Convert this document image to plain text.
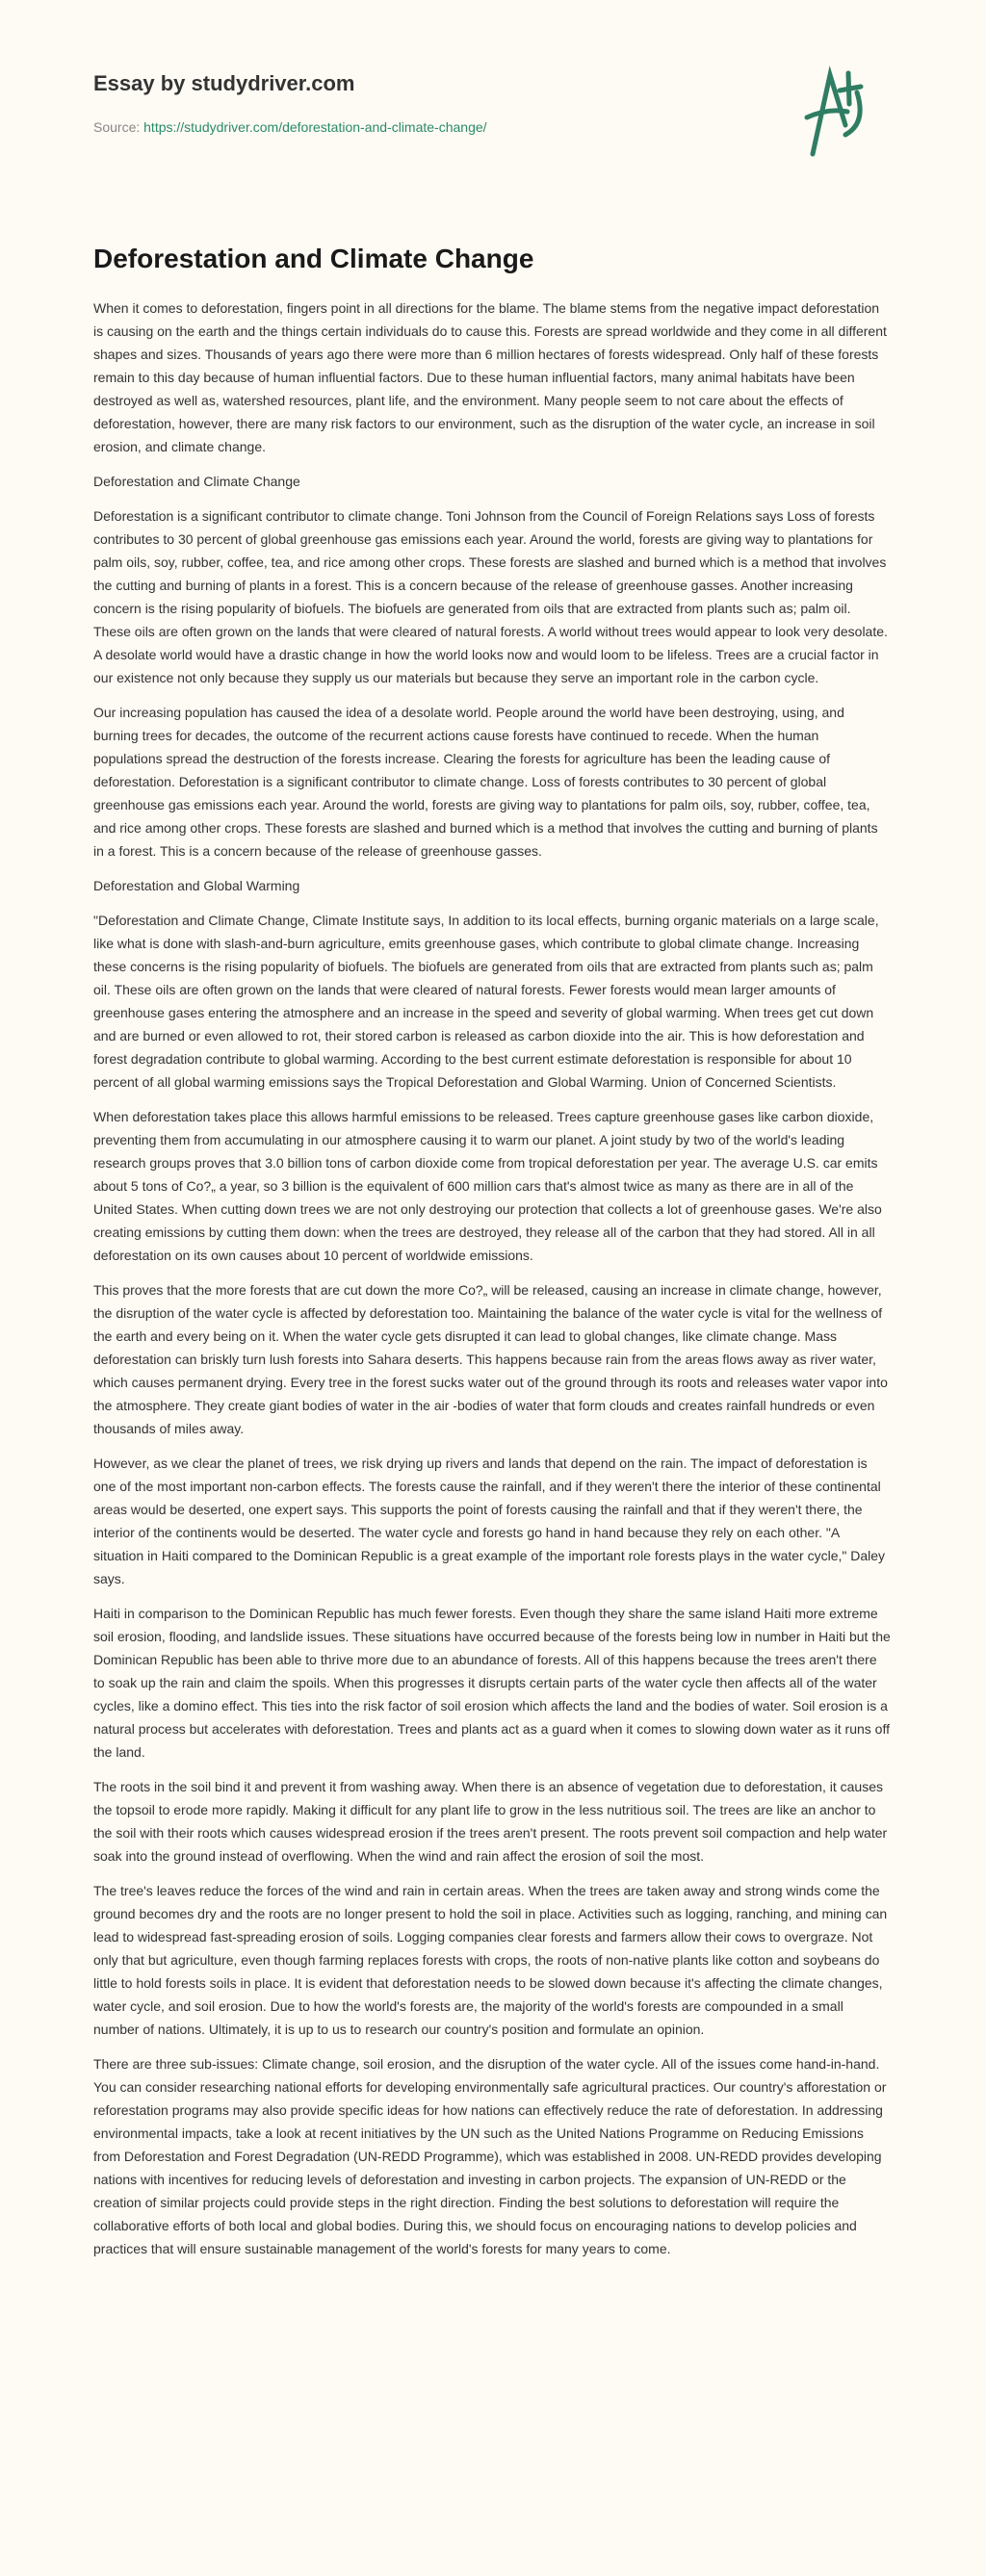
Essay by studydriver.com
Source: https://studydriver.com/deforestation-and-climate-change/
Deforestation and Climate Change

When it comes to deforestation, fingers point in all directions for the blame. The blame stems from the negative impact deforestation is causing on the earth and the things certain individuals do to cause this. Forests are spread worldwide and they come in all different shapes and sizes. Thousands of years ago there were more than 6 million hectares of forests widespread. Only half of these forests remain to this day because of human influential factors. Due to these human influential factors, many animal habitats have been destroyed as well as, watershed resources, plant life, and the environment. Many people seem to not care about the effects of deforestation, however, there are many risk factors to our environment, such as the disruption of the water cycle, an increase in soil erosion, and climate change.

Deforestation and Climate Change

Deforestation is a significant contributor to climate change. Toni Johnson from the Council of Foreign Relations says Loss of forests contributes to 30 percent of global greenhouse gas emissions each year. Around the world, forests are giving way to plantations for palm oils, soy, rubber, coffee, tea, and rice among other crops. These forests are slashed and burned which is a method that involves the cutting and burning of plants in a forest. This is a concern because of the release of greenhouse gasses. Another increasing concern is the rising popularity of biofuels. The biofuels are generated from oils that are extracted from plants such as; palm oil. These oils are often grown on the lands that were cleared of natural forests. A world without trees would appear to look very desolate. A desolate world would have a drastic change in how the world looks now and would loom to be lifeless. Trees are a crucial factor in our existence not only because they supply us our materials but because they serve an important role in the carbon cycle.

Our increasing population has caused the idea of a desolate world. People around the world have been destroying, using, and burning trees for decades, the outcome of the recurrent actions cause forests have continued to recede. When the human populations spread the destruction of the forests increase. Clearing the forests for agriculture has been the leading cause of deforestation. Deforestation is a significant contributor to climate change. Loss of forests contributes to 30 percent of global greenhouse gas emissions each year. Around the world, forests are giving way to plantations for palm oils, soy, rubber, coffee, tea, and rice among other crops. These forests are slashed and burned which is a method that involves the cutting and burning of plants in a forest. This is a concern because of the release of greenhouse gasses.

Deforestation and Global Warming

"Deforestation and Climate Change, Climate Institute says, In addition to its local effects, burning organic materials on a large scale, like what is done with slash-and-burn agriculture, emits greenhouse gases, which contribute to global climate change. Increasing these concerns is the rising popularity of biofuels. The biofuels are generated from oils that are extracted from plants such as; palm oil. These oils are often grown on the lands that were cleared of natural forests. Fewer forests would mean larger amounts of greenhouse gases entering the atmosphere and an increase in the speed and severity of global warming. When trees get cut down and are burned or even allowed to rot, their stored carbon is released as carbon dioxide into the air. This is how deforestation and forest degradation contribute to global warming. According to the best current estimate deforestation is responsible for about 10 percent of all global warming emissions says the Tropical Deforestation and Global Warming. Union of Concerned Scientists.

When deforestation takes place this allows harmful emissions to be released. Trees capture greenhouse gases like carbon dioxide, preventing them from accumulating in our atmosphere causing it to warm our planet. A joint study by two of the world's leading research groups proves that 3.0 billion tons of carbon dioxide come from tropical deforestation per year. The average U.S. car emits about 5 tons of Co?„ a year, so 3 billion is the equivalent of 600 million cars that's almost twice as many as there are in all of the United States. When cutting down trees we are not only destroying our protection that collects a lot of greenhouse gases. We're also creating emissions by cutting them down: when the trees are destroyed, they release all of the carbon that they had stored. All in all deforestation on its own causes about 10 percent of worldwide emissions.

This proves that the more forests that are cut down the more Co?„ will be released, causing an increase in climate change, however, the disruption of the water cycle is affected by deforestation too. Maintaining the balance of the water cycle is vital for the wellness of the earth and every being on it. When the water cycle gets disrupted it can lead to global changes, like climate change. Mass deforestation can briskly turn lush forests into Sahara deserts. This happens because rain from the areas flows away as river water, which causes permanent drying. Every tree in the forest sucks water out of the ground through its roots and releases water vapor into the atmosphere. They create giant bodies of water in the air -bodies of water that form clouds and creates rainfall hundreds or even thousands of miles away.

However, as we clear the planet of trees, we risk drying up rivers and lands that depend on the rain. The impact of deforestation is one of the most important non-carbon effects. The forests cause the rainfall, and if they weren't there the interior of these continental areas would be deserted, one expert says. This supports the point of forests causing the rainfall and that if they weren't there, the interior of the continents would be deserted. The water cycle and forests go hand in hand because they rely on each other. "A situation in Haiti compared to the Dominican Republic is a great example of the important role forests plays in the water cycle," Daley says.

Haiti in comparison to the Dominican Republic has much fewer forests. Even though they share the same island Haiti more extreme soil erosion, flooding, and landslide issues. These situations have occurred because of the forests being low in number in Haiti but the Dominican Republic has been able to thrive more due to an abundance of forests. All of this happens because the trees aren't there to soak up the rain and claim the spoils. When this progresses it disrupts certain parts of the water cycle then affects all of the water cycles, like a domino effect. This ties into the risk factor of soil erosion which affects the land and the bodies of water. Soil erosion is a natural process but accelerates with deforestation. Trees and plants act as a guard when it comes to slowing down water as it runs off the land.

The roots in the soil bind it and prevent it from washing away. When there is an absence of vegetation due to deforestation, it causes the topsoil to erode more rapidly. Making it difficult for any plant life to grow in the less nutritious soil. The trees are like an anchor to the soil with their roots which causes widespread erosion if the trees aren't present. The roots prevent soil compaction and help water soak into the ground instead of overflowing. When the wind and rain affect the erosion of soil the most.

The tree's leaves reduce the forces of the wind and rain in certain areas. When the trees are taken away and strong winds come the ground becomes dry and the roots are no longer present to hold the soil in place. Activities such as logging, ranching, and mining can lead to widespread fast-spreading erosion of soils. Logging companies clear forests and farmers allow their cows to overgraze. Not only that but agriculture, even though farming replaces forests with crops, the roots of non-native plants like cotton and soybeans do little to hold forests soils in place. It is evident that deforestation needs to be slowed down because it's affecting the climate changes, water cycle, and soil erosion. Due to how the world's forests are, the majority of the world's forests are compounded in a small number of nations. Ultimately, it is up to us to research our country's position and formulate an opinion.

There are three sub-issues: Climate change, soil erosion, and the disruption of the water cycle. All of the issues come hand-in-hand. You can consider researching national efforts for developing environmentally safe agricultural practices. Our country's afforestation or reforestation programs may also provide specific ideas for how nations can effectively reduce the rate of deforestation. In addressing environmental impacts, take a look at recent initiatives by the UN such as the United Nations Programme on Reducing Emissions from Deforestation and Forest Degradation (UN-REDD Programme), which was established in 2008. UN-REDD provides developing nations with incentives for reducing levels of deforestation and investing in carbon projects. The expansion of UN-REDD or the creation of similar projects could provide steps in the right direction. Finding the best solutions to deforestation will require the collaborative efforts of both local and global bodies. During this, we should focus on encouraging nations to develop policies and practices that will ensure sustainable management of the world's forests for many years to come.
